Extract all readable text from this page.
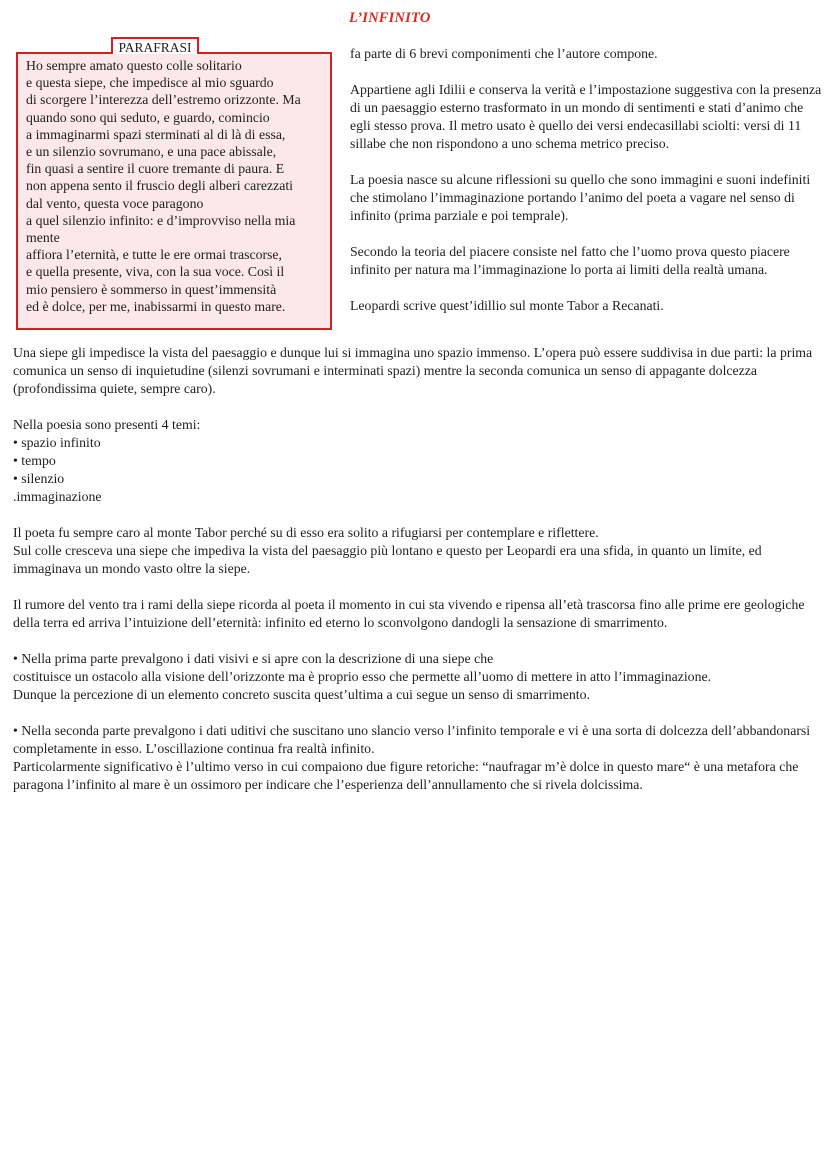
L’INFINITO
PARAFRASI
Ho sempre amato questo colle solitario
e questa siepe, che impedisce al mio sguardo
di scorgere l’interezza dell’estremo orizzonte. Ma
quando sono qui seduto, e guardo, comincio
a immaginarmi spazi sterminati al di là di essa,
e un silenzio sovrumano, e una pace abissale,
fin quasi a sentire il cuore tremante di paura. E
non appena sento il fruscio degli alberi carezzati
dal vento, questa voce paragono
a quel silenzio infinito: e d’improvviso nella mia
mente
affiora l’eternità, e tutte le ere ormai trascorse,
e quella presente, viva, con la sua voce. Così il
mio pensiero è sommerso in quest’immensità
ed è dolce, per me, inabissarmi in questo mare.

fa parte di 6 brevi componimenti che l’autore compone.

Appartiene agli Idilii e conserva la verità e l’impostazione suggestiva con la presenza di un paesaggio esterno trasformato in un mondo di sentimenti e stati d’animo che egli stesso prova. Il metro usato è quello dei versi endecasillabi sciolti: versi di 11 sillabe che non rispondono a uno schema metrico preciso.

La poesia nasce su alcune riflessioni su quello che sono immagini e suoni indefiniti che stimolano l’immaginazione portando l’animo del poeta a vagare nel senso di infinito (prima parziale e poi temprale).

Secondo la teoria del piacere consiste nel fatto che l’uomo prova questo piacere infinito per natura ma l’immaginazione lo porta ai limiti della realtà umana.

Leopardi scrive quest’idillio sul monte Tabor a Recanati.

Una siepe gli impedisce la vista del paesaggio e dunque lui si immagina uno spazio immenso. L’opera può essere suddivisa in due parti: la prima comunica un senso di inquietudine (silenzi sovrumani e interminati spazi) mentre la seconda comunica un senso di appagante dolcezza (profondissima quiete, sempre caro).

Nella poesia sono presenti 4 temi:
• spazio infinito
• tempo
• silenzio
.immaginazione

Il poeta fu sempre caro al monte Tabor perché su di esso era solito a rifugiarsi per contemplare e riflettere.
Sul colle cresceva una siepe che impediva la vista del paesaggio più lontano e questo per Leopardi era una sfida, in quanto un limite, ed immaginava un mondo vasto oltre la siepe.

Il rumore del vento tra i rami della siepe ricorda al poeta il momento in cui sta vivendo e ripensa all’età trascorsa fino alle prime ere geologiche della terra ed arriva l’intuizione dell’eternità: infinito ed eterno lo sconvolgono dandogli la sensazione di smarrimento.

• Nella prima parte prevalgono i dati visivi e si apre con la descrizione di una siepe che
costituisce un ostacolo alla visione dell’orizzonte ma è proprio esso che permette all’uomo di mettere in atto l’immaginazione.
Dunque la percezione di un elemento concreto suscita quest’ultima a cui segue un senso di smarrimento.

• Nella seconda parte prevalgono i dati uditivi che suscitano uno slancio verso l’infinito temporale e vi è una sorta di dolcezza dell’abbandonarsi completamente in esso. L’oscillazione continua fra realtà infinito.
Particolarmente significativo è l’ultimo verso in cui compaiono due figure retoriche: “naufragar m’è dolce in questo mare“ è una metafora che paragona l’infinito al mare è un ossimoro per indicare che l’esperienza dell’annullamento che si rivela dolcissima.
